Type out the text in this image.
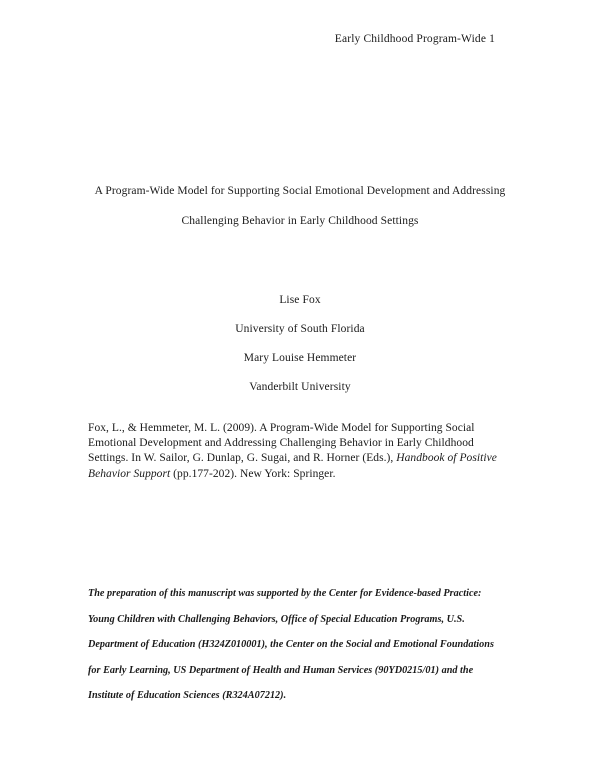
Early Childhood Program-Wide 1
A Program-Wide Model for Supporting Social Emotional Development and Addressing
Challenging Behavior in Early Childhood Settings
Lise Fox
University of South Florida
Mary Louise Hemmeter
Vanderbilt University
Fox, L., & Hemmeter, M. L. (2009). A Program-Wide Model for Supporting Social Emotional Development and Addressing Challenging Behavior in Early Childhood Settings. In W. Sailor, G. Dunlap, G. Sugai, and R. Horner (Eds.), Handbook of Positive Behavior Support (pp.177-202). New York: Springer.
The preparation of this manuscript was supported by the Center for Evidence-based Practice: Young Children with Challenging Behaviors, Office of Special Education Programs, U.S. Department of Education (H324Z010001), the Center on the Social and Emotional Foundations for Early Learning, US Department of Health and Human Services (90YD0215/01) and the Institute of Education Sciences (R324A07212).
